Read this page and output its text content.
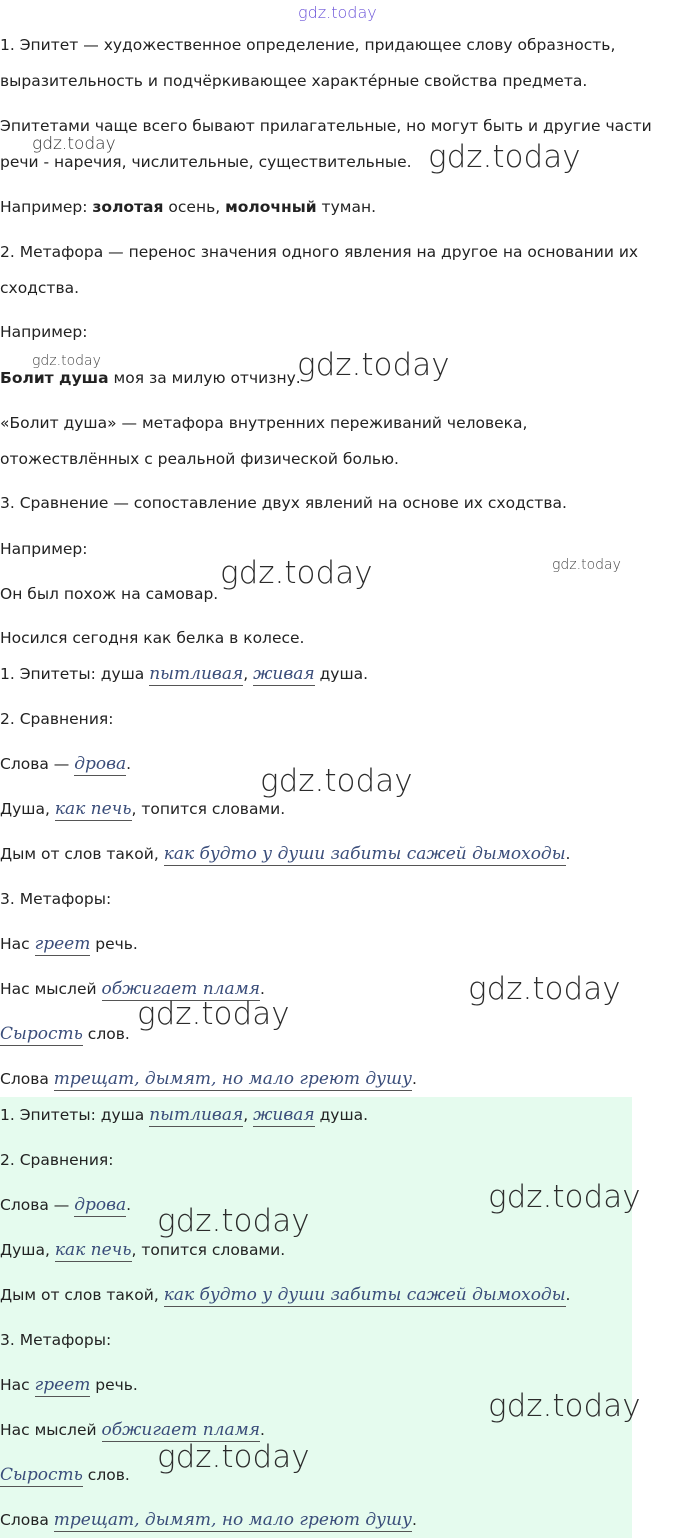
gdz.today
1. Эпитет — художественное определение, придающее слову образность,
выразительность и подчёркивающее характе́рные свойства предмета.
Эпитетами чаще всего бывают прилагательные, но могут быть и другие части
речи - наречия, числительные, существительные.
Например: золотая осень, молочный туман.
2. Метафора — перенос значения одного явления на другое на основании их
сходства.
Например:
Болит душа моя за милую отчизну.
«Болит душа» — метафора внутренних переживаний человека,
отожествлённых с реальной физической болью.
3. Сравнение — сопоставление двух явлений на основе их сходства.
Например:
Он был похож на самовар.
Носился сегодня как белка в колесе.
1. Эпитеты: душа пытливая, живая душа.
2. Сравнения:
Слова — дрова.
Душа, как печь, топится словами.
Дым от слов такой, как будто у души забиты сажей дымоходы.
3. Метафоры:
Нас греет речь.
Нас мыслей обжигает пламя.
Сырость слов.
Слова трещат, дымят, но мало греют душу.
1. Эпитеты: душа пытливая, живая душа.
2. Сравнения:
Слова — дрова.
Душа, как печь, топится словами.
Дым от слов такой, как будто у души забиты сажей дымоходы.
3. Метафоры:
Нас греет речь.
Нас мыслей обжигает пламя.
Сырость слов.
Слова трещат, дымят, но мало греют душу.
gdz.today	gdz.today
gdz.today	gdz.today
gdz.today
gdz.today
gdz.today
gdz.today
gdz.today
gdz.today
gdz.today
gdz.today
gdz.today
